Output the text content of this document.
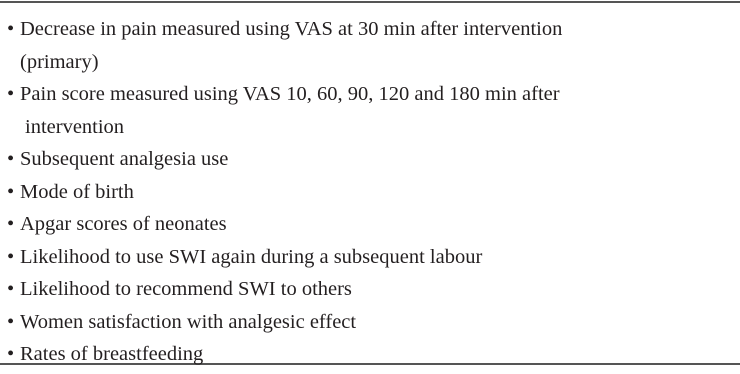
• Decrease in pain measured using VAS at 30 min after intervention
(primary)
• Pain score measured using VAS 10, 60, 90, 120 and 180 min after
intervention
• Subsequent analgesia use
• Mode of birth
• Apgar scores of neonates
• Likelihood to use SWI again during a subsequent labour
• Likelihood to recommend SWI to others
• Women satisfaction with analgesic effect
• Rates of breastfeeding
